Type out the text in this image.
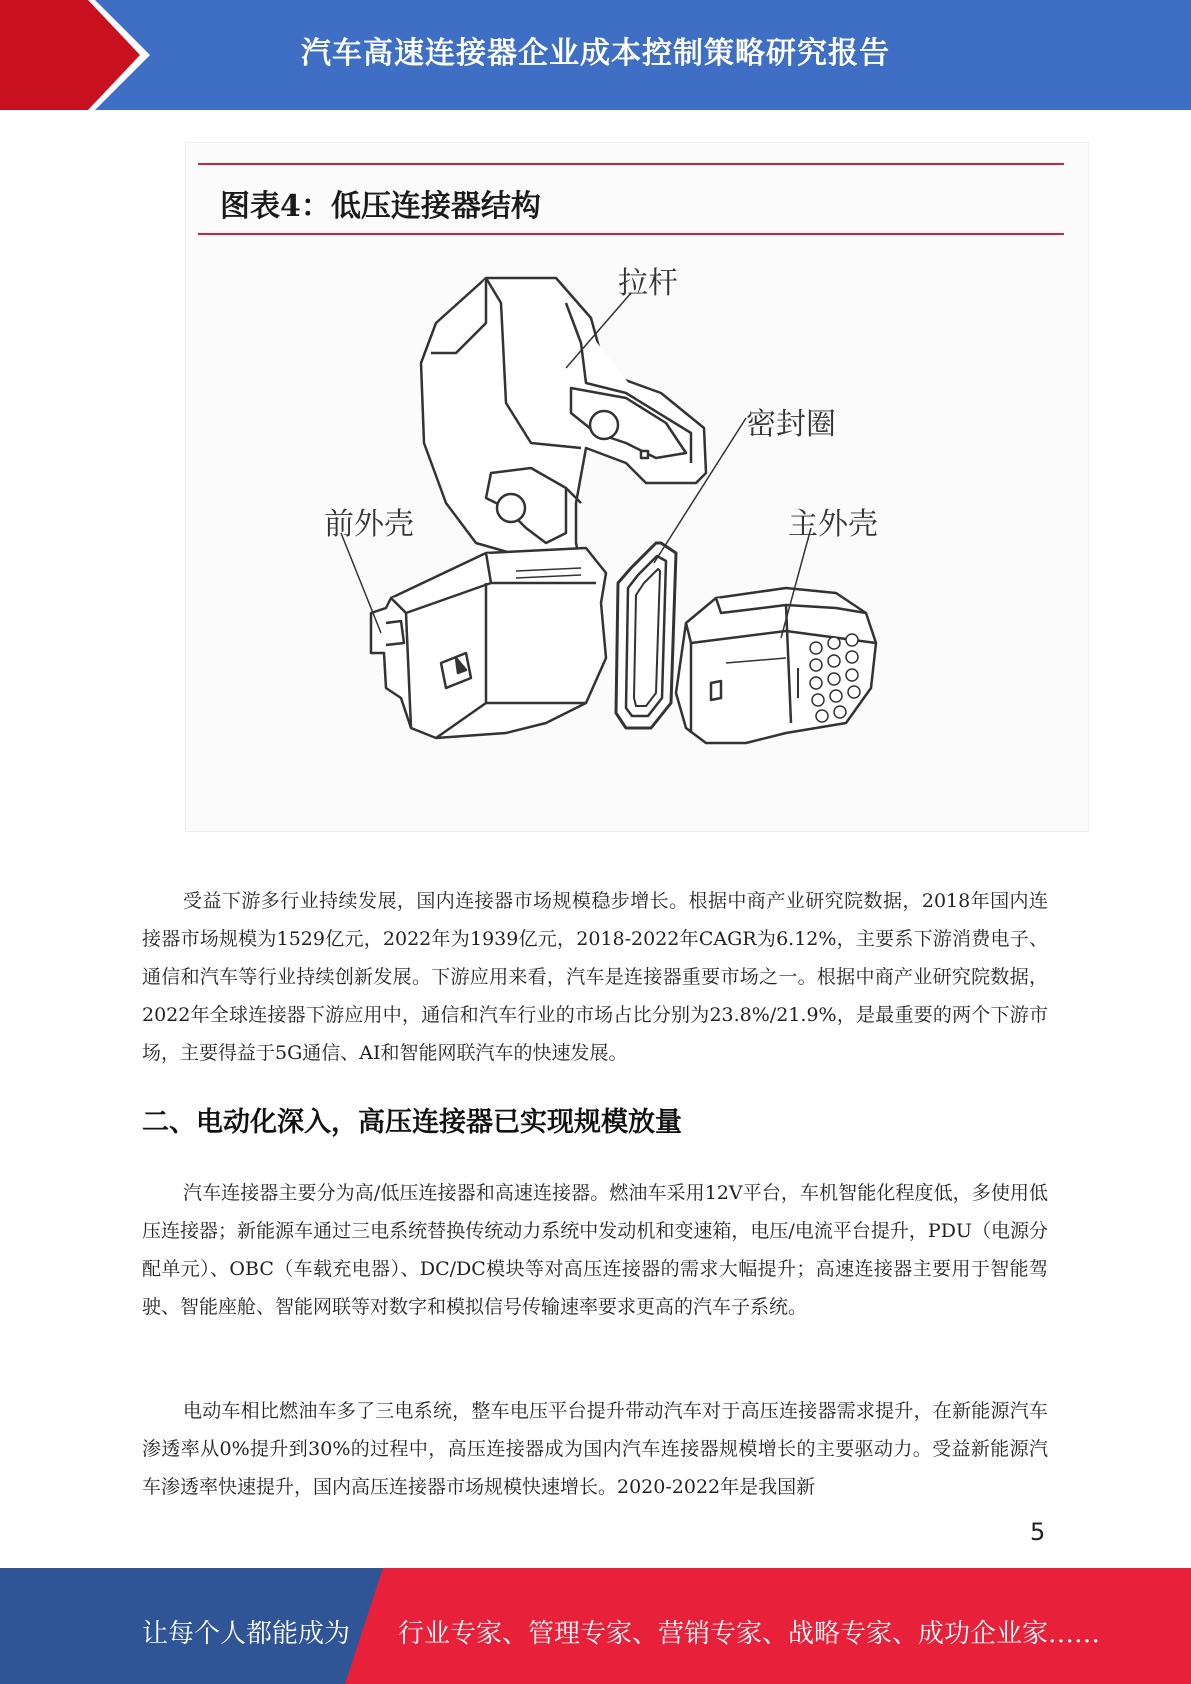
汽车高速连接器企业成本控制策略研究报告
图表4：低压连接器结构
拉杆
密封圈
前外壳	主外壳

受益下游多行业持续发展，国内连接器市场规模稳步增长。根据中商产业研究院数据，2018年国内连接器市场规模为1529亿元，2022年为1939亿元，2018-2022年CAGR为6.12%，主要系下游消费电子、通信和汽车等行业持续创新发展。下游应用来看，汽车是连接器重要市场之一。根据中商产业研究院数据，2022年全球连接器下游应用中，通信和汽车行业的市场占比分别为23.8%/21.9%，是最重要的两个下游市场，主要得益于5G通信、AI和智能网联汽车的快速发展。

二、电动化深入，高压连接器已实现规模放量

汽车连接器主要分为高/低压连接器和高速连接器。燃油车采用12V平台，车机智能化程度低，多使用低压连接器；新能源车通过三电系统替换传统动力系统中发动机和变速箱，电压/电流平台提升，PDU（电源分配单元）、OBC（车载充电器）、DC/DC模块等对高压连接器的需求大幅提升；高速连接器主要用于智能驾驶、智能座舱、智能网联等对数字和模拟信号传输速率要求更高的汽车子系统。

电动车相比燃油车多了三电系统，整车电压平台提升带动汽车对于高压连接器需求提升，在新能源汽车渗透率从0%提升到30%的过程中，高压连接器成为国内汽车连接器规模增长的主要驱动力。受益新能源汽车渗透率快速提升，国内高压连接器市场规模快速增长。2020-2022年是我国新

5
让每个人都能成为 行业专家、管理专家、营销专家、战略专家、成功企业家……
